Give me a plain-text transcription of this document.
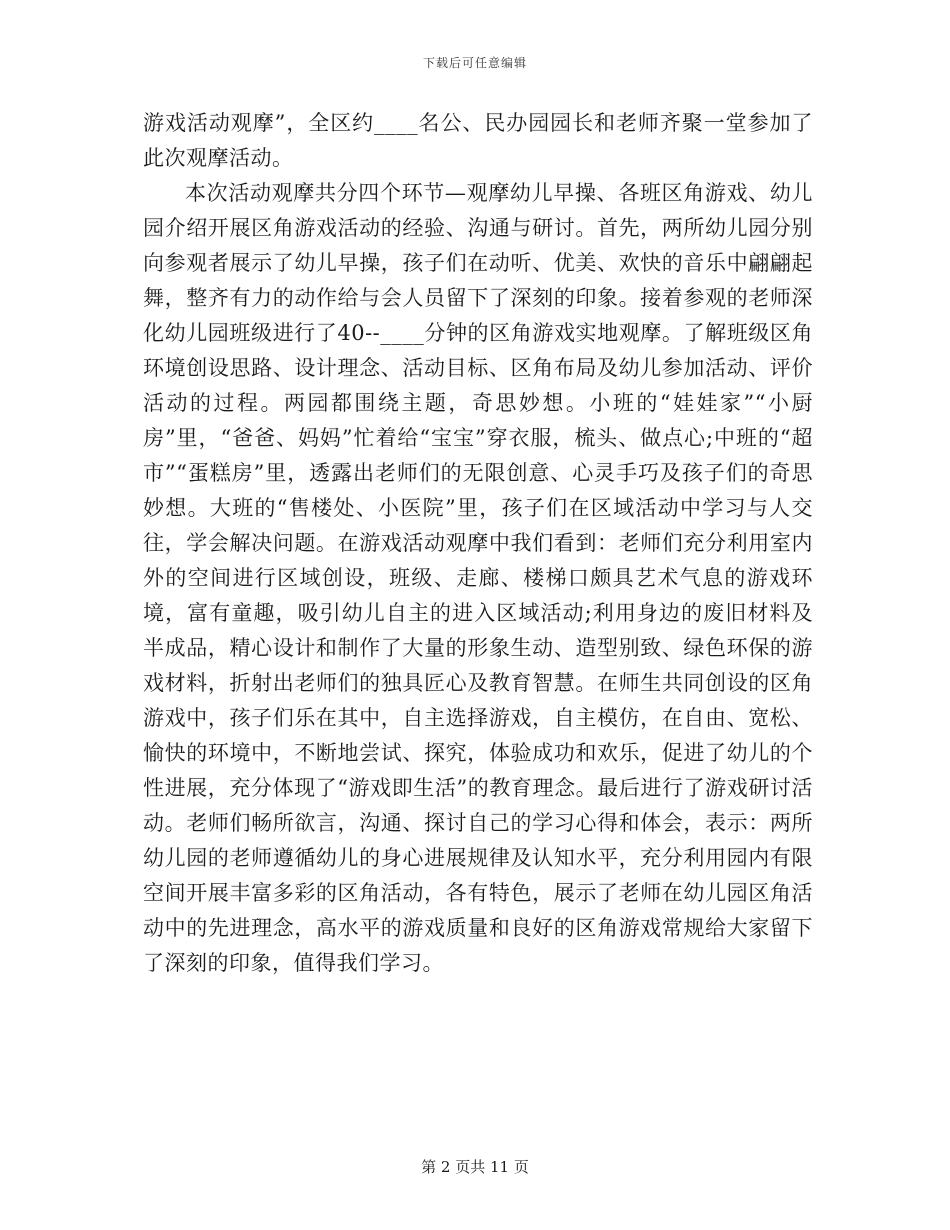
下载后可任意编辑

游戏活动观摩”，全区约____名公、民办园园长和老师齐聚一堂参加了此次观摩活动。

本次活动观摩共分四个环节—观摩幼儿早操、各班区角游戏、幼儿园介绍开展区角游戏活动的经验、沟通与研讨。首先，两所幼儿园分别向参观者展示了幼儿早操，孩子们在动听、优美、欢快的音乐中翩翩起舞，整齐有力的动作给与会人员留下了深刻的印象。接着参观的老师深化幼儿园班级进行了40--____分钟的区角游戏实地观摩。了解班级区角环境创设思路、设计理念、活动目标、区角布局及幼儿参加活动、评价活动的过程。两园都围绕主题，奇思妙想。小班的“娃娃家”“小厨房”里，“爸爸、妈妈”忙着给“宝宝”穿衣服，梳头、做点心;中班的“超市”“蛋糕房”里，透露出老师们的无限创意、心灵手巧及孩子们的奇思妙想。大班的“售楼处、小医院”里，孩子们在区域活动中学习与人交往，学会解决问题。在游戏活动观摩中我们看到：老师们充分利用室内外的空间进行区域创设，班级、走廊、楼梯口颇具艺术气息的游戏环境，富有童趣，吸引幼儿自主的进入区域活动;利用身边的废旧材料及半成品，精心设计和制作了大量的形象生动、造型别致、绿色环保的游戏材料，折射出老师们的独具匠心及教育智慧。在师生共同创设的区角游戏中，孩子们乐在其中，自主选择游戏，自主模仿，在自由、宽松、愉快的环境中，不断地尝试、探究，体验成功和欢乐，促进了幼儿的个性进展，充分体现了“游戏即生活”的教育理念。最后进行了游戏研讨活动。老师们畅所欲言，沟通、探讨自己的学习心得和体会，表示：两所幼儿园的老师遵循幼儿的身心进展规律及认知水平，充分利用园内有限空间开展丰富多彩的区角活动，各有特色，展示了老师在幼儿园区角活动中的先进理念，高水平的游戏质量和良好的区角游戏常规给大家留下了深刻的印象，值得我们学习。

第 2 页共 11 页
